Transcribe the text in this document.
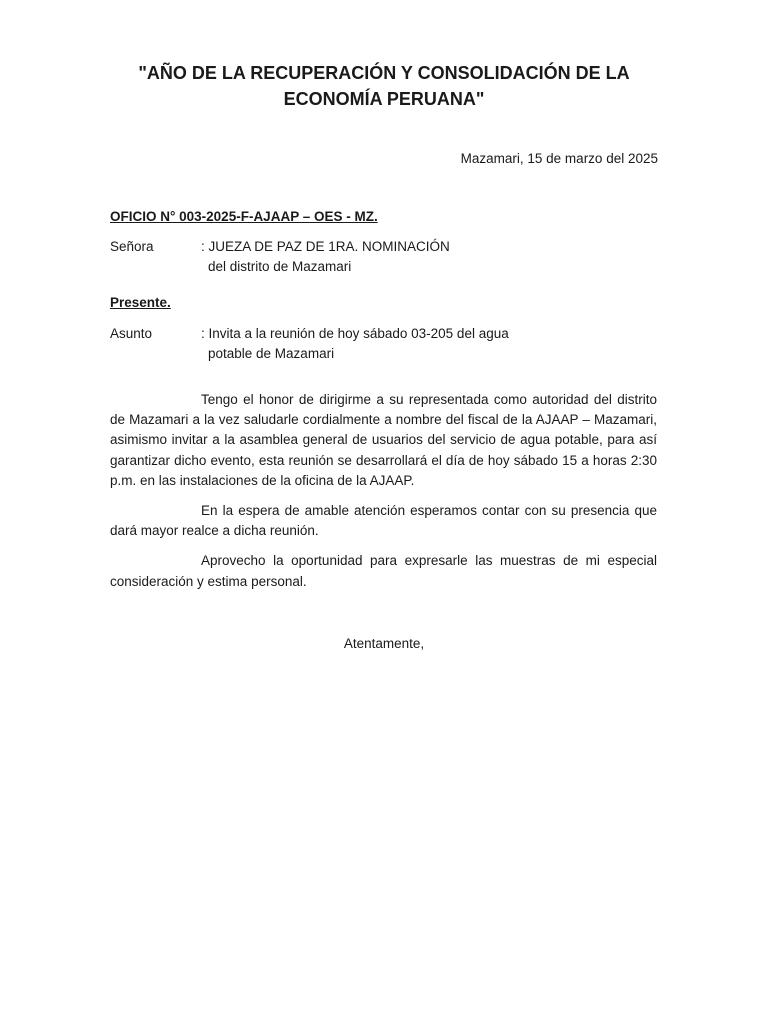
"AÑO DE LA RECUPERACIÓN Y CONSOLIDACIÓN DE LA
ECONOMÍA PERUANA"
Mazamari, 15 de marzo del 2025
OFICIO N° 003-2025-F-AJAAP – OES - MZ.
Señora	: JUEZA DE PAZ DE 1RA. NOMINACIÓN
del distrito de Mazamari
Presente.
Asunto	: Invita a la reunión de hoy sábado 03-205 del agua
potable de Mazamari

Tengo el honor de dirigirme a su representada como autoridad del distrito de Mazamari a la vez saludarle cordialmente a nombre del fiscal de la AJAAP – Mazamari, asimismo invitar a la asamblea general de usuarios del servicio de agua potable, para así garantizar dicho evento, esta reunión se desarrollará el día de hoy sábado 15 a horas 2:30 p.m. en las instalaciones de la oficina de la AJAAP.

En la espera de amable atención esperamos contar con su presencia que dará mayor realce a dicha reunión.

Aprovecho la oportunidad para expresarle las muestras de mi especial consideración y estima personal.

Atentamente,
